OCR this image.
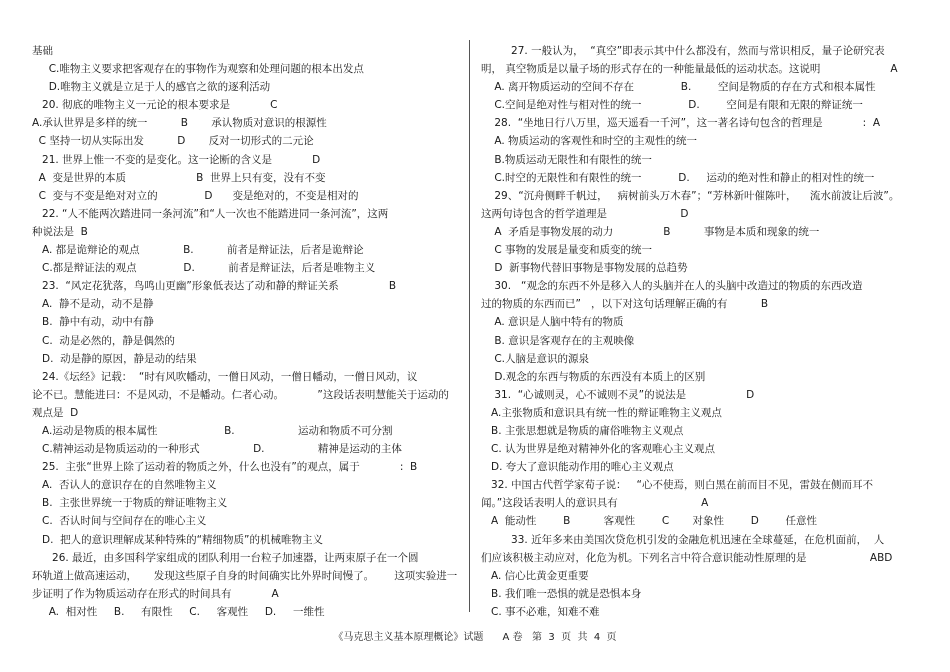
基础
C.唯物主义要求把客观存在的事物作为观察和处理问题的根本出发点
D.唯物主义就是立足于人的感官之欲的逐利活动
20. 彻底的唯物主义一元论的根本要求是            C
A.承认世界是多样的统一          B       承认物质对意识的根源性
C 坚持一切从实际出发          D       反对一切形式的二元论
21. 世界上惟一不变的是变化。这一论断的含义是            D
A  变是世界的本质                     B  世界上只有变，没有不变
C  变与不变是绝对对立的              D      变是绝对的，不变是相对的
22. “人不能两次踏进同一条河流”和“人一次也不能踏进同一条河流”，这两
种说法是  B
A. 都是诡辩论的观点             B.          前者是辩证法，后者是诡辩论
C.都是辩证法的观点              D.          前者是辩证法，后者是唯物主义
23.  “风定花犹落，鸟鸣山更幽”形象低表达了动和静的辩证关系               B
A.  静不是动，动不是静
B.  静中有动，动中有静
C.  动是必然的，静是偶然的
D.  动是静的原因，静是动的结果
24.《坛经》记载：  “时有风吹幡动，一僧日风动，一僧日幡动，一僧日风动，议
论不已。慧能进曰：不是风动，不是幡动。仁者心动。          ”这段话表明慧能关于运动的
观点是  D
A.运动是物质的根本属性                    B.                   运动和物质不可分割
C.精神运动是物质运动的一种形式                D.                精神是运动的主体
25.  主张“世界上除了运动着的物质之外，什么也没有”的观点，属于            :  B
A.  否认人的意识存在的自然唯物主义
B.  主张世界统一于物质的辩证唯物主义
C.  否认时间与空间存在的唯心主义
D.  把人的意识理解成某种特殊的“精细物质”的机械唯物主义
26. 最近，由多国科学家组成的团队利用一台粒子加速器，让两束原子在一个圆
环轨道上做高速运动，     发现这些原子自身的时间确实比外界时间慢了。      这项实验进一
步证明了作为物质运动存在形式的时间具有            A
A.  相对性     B.     有限性     C.     客观性     D.     一维性
27. 一般认为，  “真空”即表示其中什么都没有，然而与常识相反，量子论研究表
明， 真空物质是以量子场的形式存在的一种能量最低的运动状态。这说明                     A
A. 离开物质运动的空间不存在              B.        空间是物质的存在方式和根本属性
C.空间是绝对性与相对性的统一              D.        空间是有限和无限的辩证统一
28.  “坐地日行八万里，巡天遥看一千河”，这一著名诗句包含的哲理是            :  A
A. 物质运动的客观性和时空的主观性的统一
B.物质运动无限性和有限性的统一
C.时空的无限性和有限性的统一           D.     运动的绝对性和静止的相对性的统一
29、“沉舟侧畔千帆过，   病树前头万木春”；“芳林新叶催陈叶，    流水前波让后波”。
这两句诗包含的哲学道理是                      D
A  矛盾是事物发展的动力               B          事物是本质和现象的统一
C 事物的发展是量变和质变的统一
D  新事物代替旧事物是事物发展的总趋势
30.   “观念的东西不外是移入人的头脑并在人的头脑中改造过的物质的东西改造
过的物质的东西而已”   ，以下对这句话理解正确的有          B
A. 意识是人脑中特有的物质
B. 意识是客观存在的主观映像
C.人脑是意识的源泉
D.观念的东西与物质的东西没有本质上的区别
31.  “心诚则灵，心不诚则不灵”的说法是                  D
A.主张物质和意识具有统一性的辩证唯物主义观点
B. 主张思想就是物质的庸俗唯物主义观点
C. 认为世界是绝对精神外化的客观唯心主义观点
D. 夸大了意识能动作用的唯心主义观点
32. 中国古代哲学家荀子说：   “心不使焉，则白黑在前而目不见，雷鼓在侧而耳不
闻。”这段话表明人的意识具有                         A
A  能动性        B          客观性        C       对象性        D        任意性
33. 近年多来由美国次贷危机引发的金融危机迅速在全球蔓延，在危机面前，  人
们应该积极主动应对，化危为机。下列名言中符合意识能动性原理的是                   ABD
A. 信心比黄金更重要
B. 我们唯一恐惧的就是恐惧本身
C. 事不必难，知难不难
《马克思主义基本原理概论》试题      A 卷   第  3  页  共  4  页
